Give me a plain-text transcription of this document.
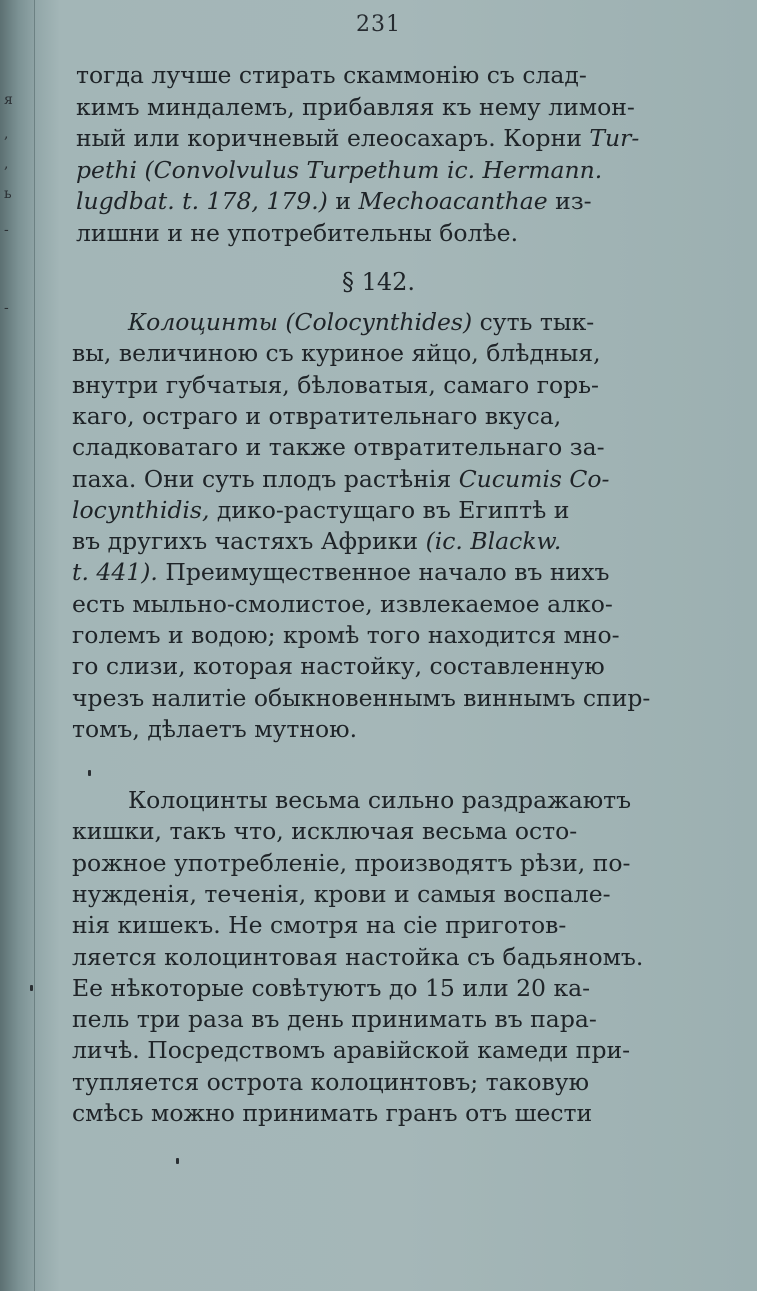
я
,
,
ь
-
-
231
тогда лучше стирать скаммонію съ слад-
кимъ миндалемъ, прибавляя къ нему лимон-
ный или коричневый елеосахаръ. Корни Tur-
pethi (Convolvulus Turpethum ic. Hermann.
lugdbat. t. 178, 179.) и Mechoacanthae из-
лишни и не употребительны болѣе.
§ 142.
Колоцинты (Colocynthides) суть тык-
вы, величиною съ куриное яйцо, блѣдныя,
внутри губчатыя, бѣловатыя, самаго горь-
каго, остраго и отвратительнаго вкуса,
сладковатаго и также отвратительнаго за-
паха. Они суть плодъ растѣнія Cucumis Co-
locynthidis, дико-растущаго въ Египтѣ и
въ другихъ частяхъ Африки (ic. Blackw.
t. 441). Преимущественное начало въ нихъ
есть мыльно-смолистое, извлекаемое алко-
големъ и водою; кромѣ того находится мно-
го слизи, которая настойку, составленную
чрезъ налитіе обыкновеннымъ виннымъ спир-
томъ, дѣлаетъ мутною.
Колоцинты весьма сильно раздражаютъ
кишки, такъ что, исключая весьма осто-
рожное употребленіе, производятъ рѣзи, по-
нужденія, теченія, крови и самыя воспале-
нія кишекъ. Не смотря на сіе приготов-
ляется колоцинтовая настойка съ бадьяномъ.
Ее нѣкоторые совѣтуютъ до 15 или 20 ка-
пель три раза въ день принимать въ пара-
личѣ. Посредствомъ аравійской камеди при-
тупляется острота колоцинтовъ; таковую
смѣсь можно принимать гранъ отъ шести
